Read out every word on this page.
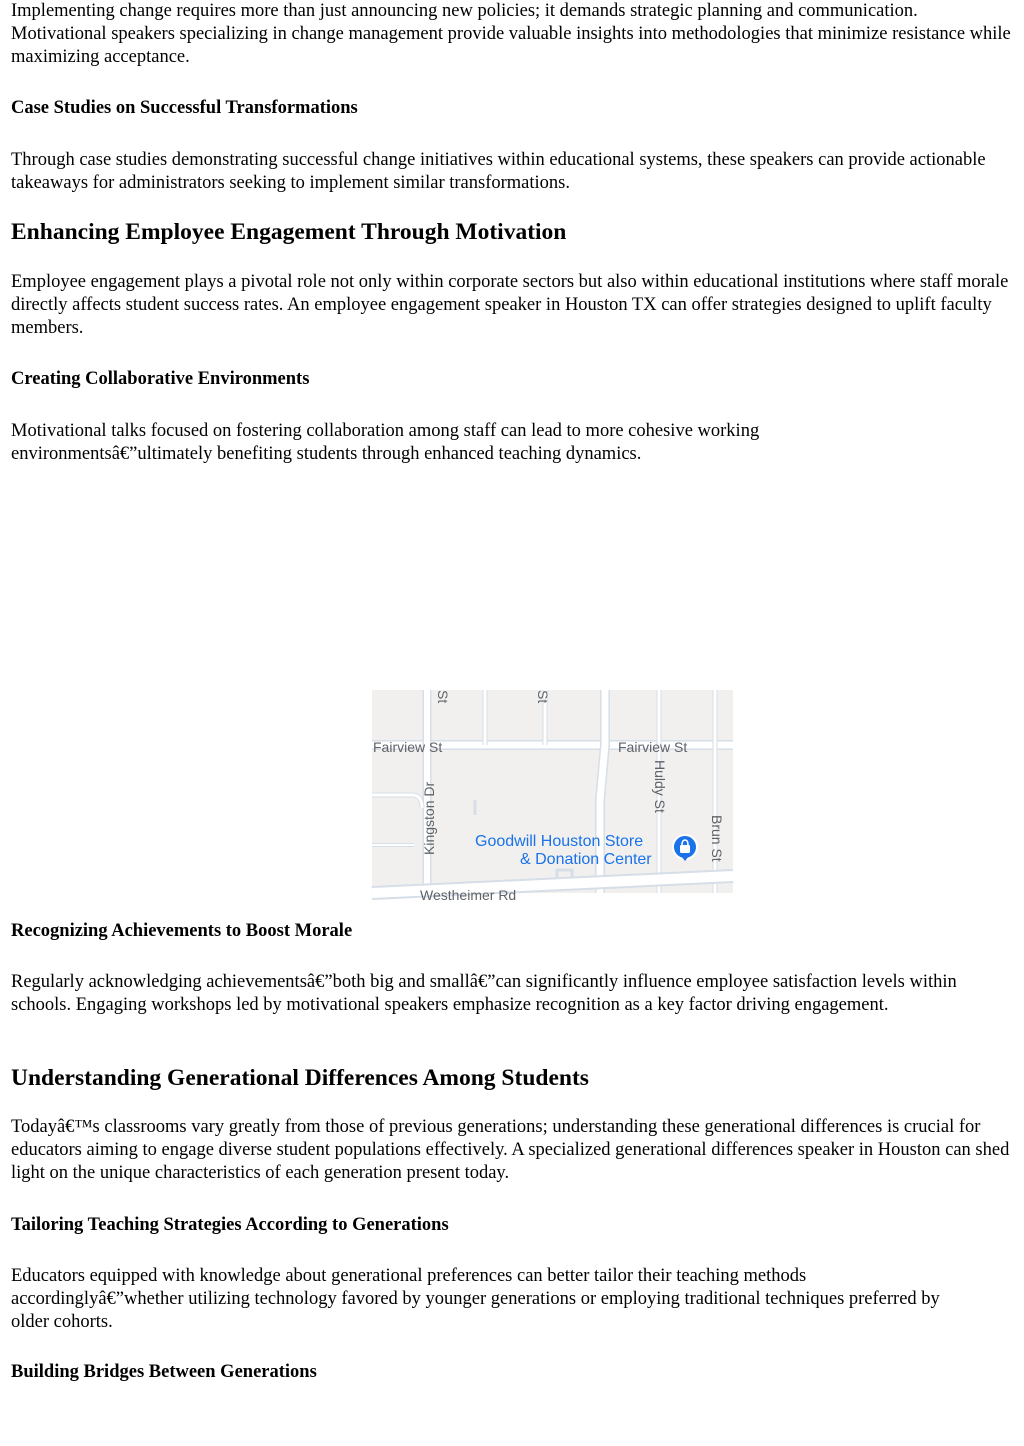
Implementing change requires more than just announcing new policies; it demands strategic planning and communication. Motivational speakers specializing in change management provide valuable insights into methodologies that minimize resistance while maximizing acceptance.

Case Studies on Successful Transformations

Through case studies demonstrating successful change initiatives within educational systems, these speakers can provide actionable takeaways for administrators seeking to implement similar transformations.

Enhancing Employee Engagement Through Motivation

Employee engagement plays a pivotal role not only within corporate sectors but also within educational institutions where staff morale directly affects student success rates. An employee engagement speaker in Houston TX can offer strategies designed to uplift faculty members.

Creating Collaborative Environments

Motivational talks focused on fostering collaboration among staff can lead to more cohesive working environmentsâ€”ultimately benefiting students through enhanced teaching dynamics.

Recognizing Achievements to Boost Morale

Regularly acknowledging achievementsâ€”both big and smallâ€”can significantly influence employee satisfaction levels within schools. Engaging workshops led by motivational speakers emphasize recognition as a key factor driving engagement.

Understanding Generational Differences Among Students

Todayâ€™s classrooms vary greatly from those of previous generations; understanding these generational differences is crucial for educators aiming to engage diverse student populations effectively. A specialized generational differences speaker in Houston can shed light on the unique characteristics of each generation present today.

Tailoring Teaching Strategies According to Generations

Educators equipped with knowledge about generational preferences can better tailor their teaching methods accordinglyâ€”whether utilizing technology favored by younger generations or employing traditional techniques preferred by older cohorts.

Building Bridges Between Generations
Fairview St	Fairview St
Kingston Dr	Huldy St
Brun St
St	St
Westheimer Rd
Goodwill Houston Store
& Donation Center
